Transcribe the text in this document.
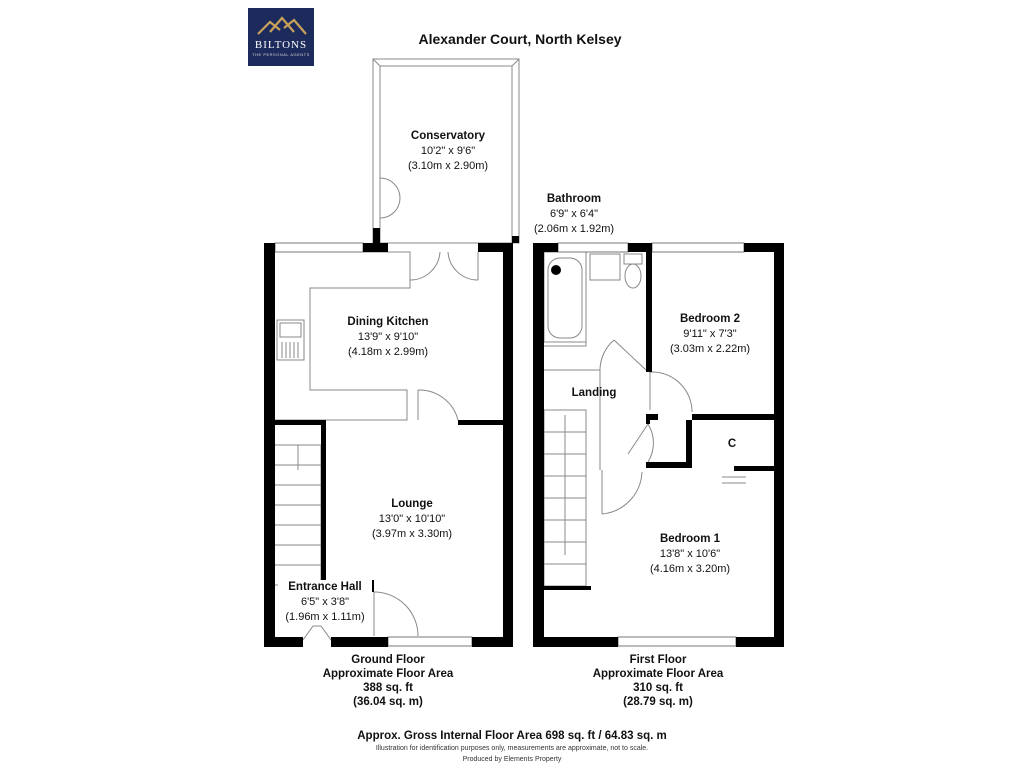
BILTONS
THE PERSONAL AGENTS
Alexander Court, North Kelsey
Conservatory
10'2" x 9'6"
(3.10m x 2.90m)
Bathroom
6'9" x 6'4"
(2.06m x 1.92m)
Dining Kitchen
13'9" x 9'10"
(4.18m x 2.99m)
Bedroom 2
9'11" x 7'3"
(3.03m x 2.22m)
Landing
C
Lounge
13'0" x 10'10"
(3.97m x 3.30m)	Bedroom 1
13'8" x 10'6"
(4.16m x 3.20m)
Entrance Hall
6'5" x 3'8"
(1.96m x 1.11m)
Ground Floor
Approximate Floor Area
388 sq. ft
(36.04 sq. m)
First Floor
Approximate Floor Area
310 sq. ft
(28.79 sq. m)
Approx. Gross Internal Floor Area 698 sq. ft / 64.83 sq. m
Illustration for identification purposes only, measurements are approximate, not to scale.
Produced by Elements Property
